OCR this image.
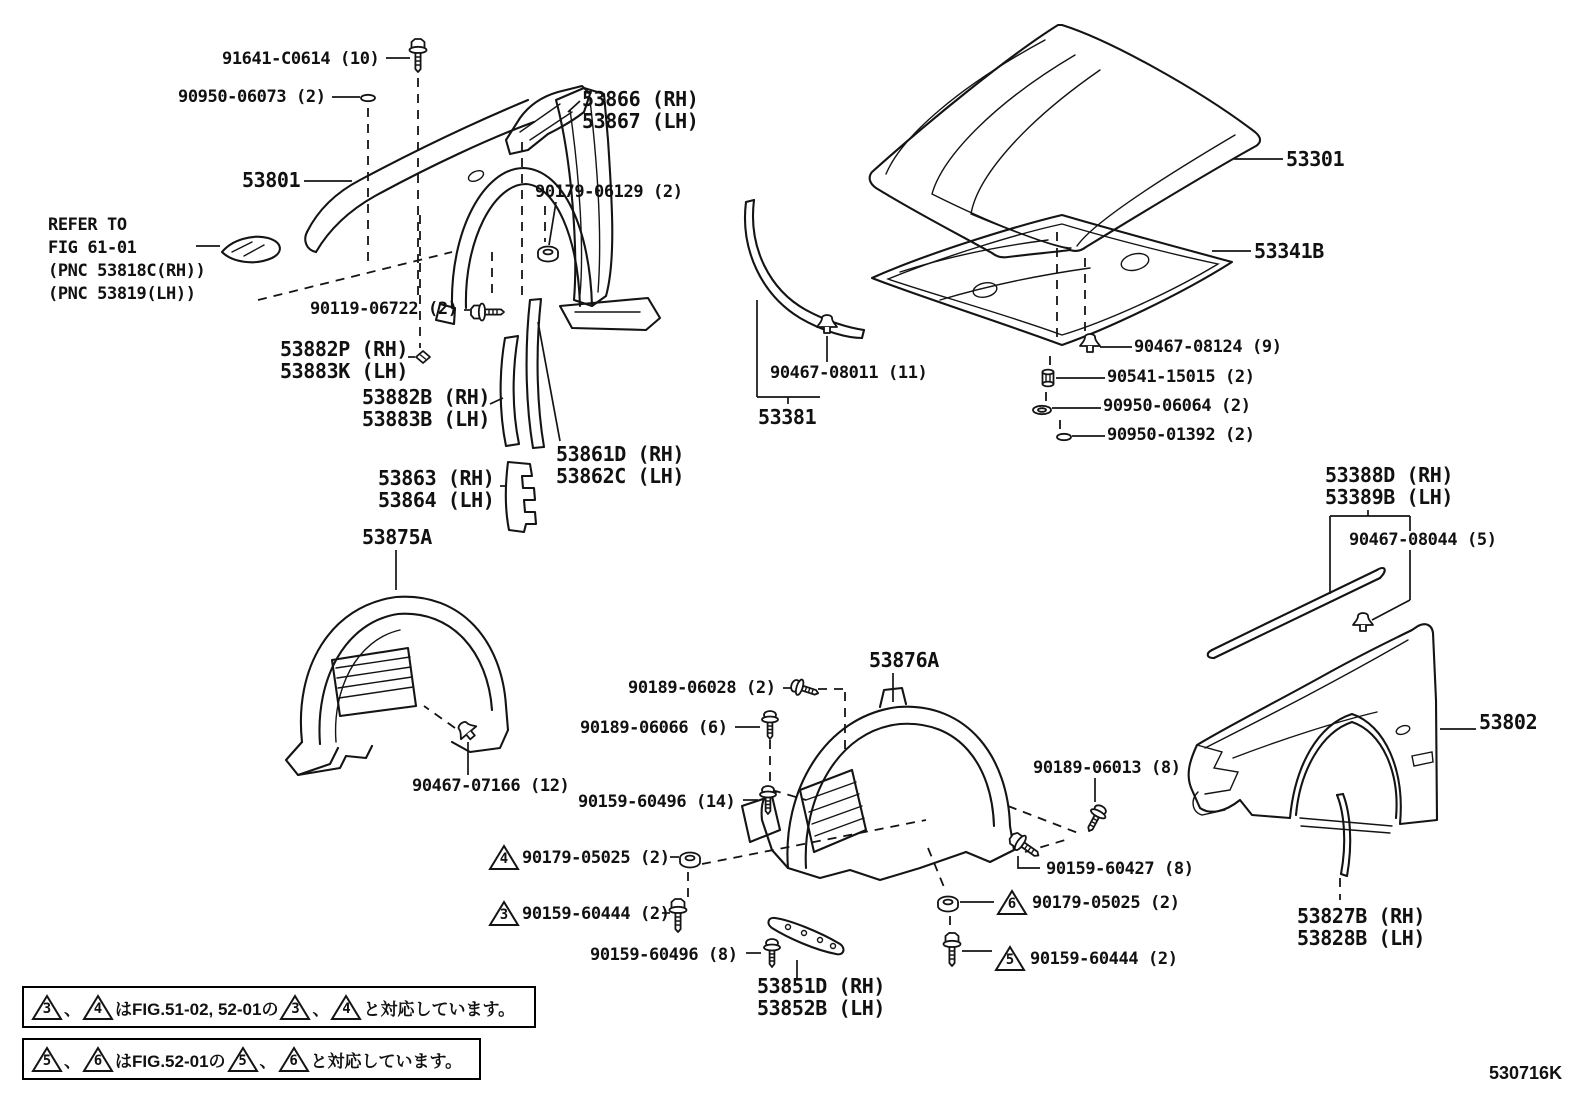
91641-C0614 (10)
90950-06073 (2)	53866 (RH)
53867 (LH)
53801	90179-06129 (2)
REFER TO
FIG 61-01
(PNC 53818C(RH))
(PNC 53819(LH))
90119-06722 (2)
53882P (RH)
53883K (LH)
53882B (RH)
53883B (LH)
53861D (RH)
53862C (LH)
53863 (RH)
53864 (LH)
53875A
53301
53341B
90467-08124 (9)
90541-15015 (2)
90950-06064 (2)
90950-01392 (2)
90467-08011 (11)
53381
53388D (RH)
53389B (LH)
90467-08044 (5)
53876A
90189-06028 (2)
90189-06066 (6)
90159-60496 (14)
90467-07166 (12)
90189-06013 (8)
53802
90159-60427 (8)
4 90179-05025 (2)
3 90159-60444 (2)
90159-60496 (8)
53851D (RH)
53852B (LH)
6 90179-05025 (2)
5 90159-60444 (2)
53827B (RH)
53828B (LH)
3 、 4 はFIG.51-02, 52-01の 3 、 4 と対応しています。
5 、 6 はFIG.52-01の 5 、 6 と対応しています。
530716K
